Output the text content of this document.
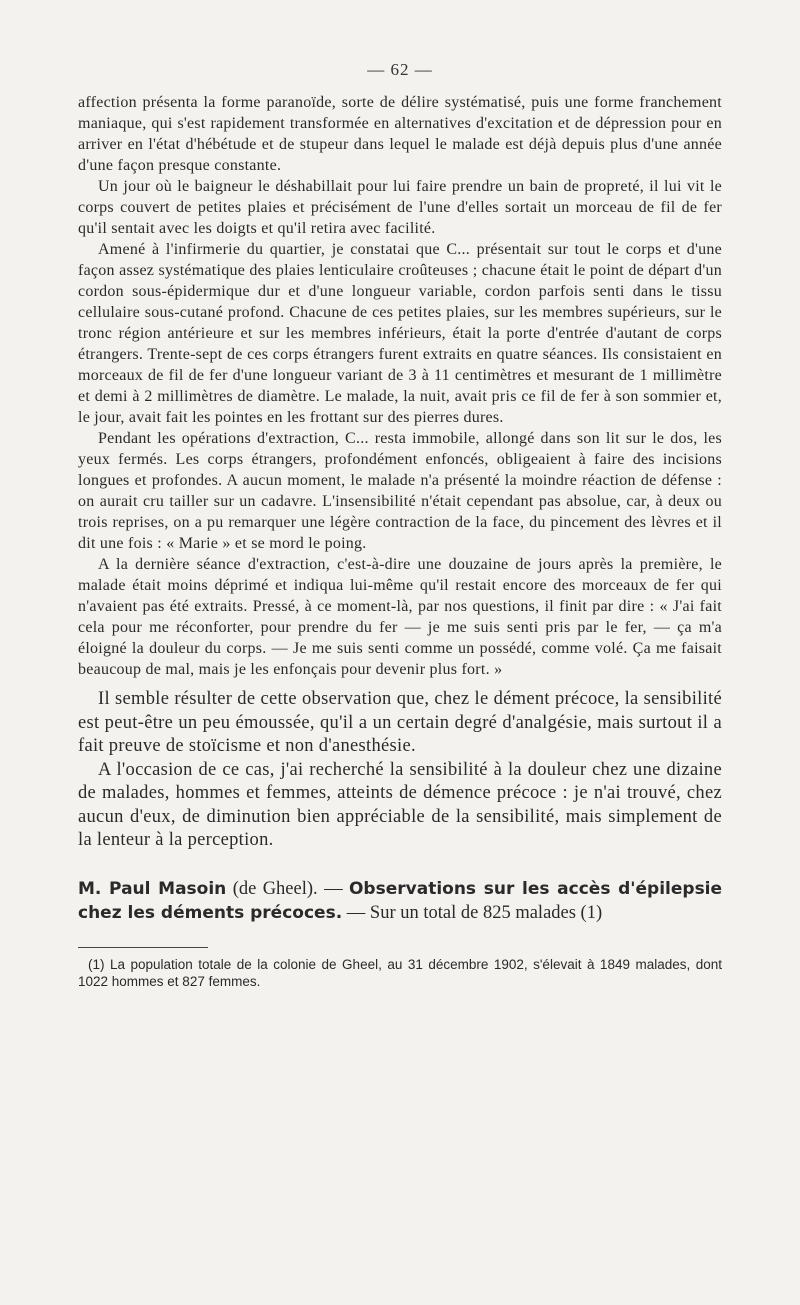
— 62 —

affection présenta la forme paranoïde, sorte de délire systématisé, puis une forme franchement maniaque, qui s'est rapidement transformée en alternatives d'excitation et de dépression pour en arriver en l'état d'hébétude et de stupeur dans lequel le malade est déjà depuis plus d'une année d'une façon presque constante.

Un jour où le baigneur le déshabillait pour lui faire prendre un bain de propreté, il lui vit le corps couvert de petites plaies et précisément de l'une d'elles sortait un morceau de fil de fer qu'il sentait avec les doigts et qu'il retira avec facilité.

Amené à l'infirmerie du quartier, je constatai que C... présentait sur tout le corps et d'une façon assez systématique des plaies lenticulaire croûteuses ; chacune était le point de départ d'un cordon sous-épidermique dur et d'une longueur variable, cordon parfois senti dans le tissu cellulaire sous-cutané profond. Chacune de ces petites plaies, sur les membres supérieurs, sur le tronc région antérieure et sur les membres inférieurs, était la porte d'entrée d'autant de corps étrangers. Trente-sept de ces corps étrangers furent extraits en quatre séances. Ils consistaient en morceaux de fil de fer d'une longueur variant de 3 à 11 centimètres et mesurant de 1 millimètre et demi à 2 millimètres de diamètre. Le malade, la nuit, avait pris ce fil de fer à son sommier et, le jour, avait fait les pointes en les frottant sur des pierres dures.

Pendant les opérations d'extraction, C... resta immobile, allongé dans son lit sur le dos, les yeux fermés. Les corps étrangers, profondément enfoncés, obligeaient à faire des incisions longues et profondes. A aucun moment, le malade n'a présenté la moindre réaction de défense : on aurait cru tailler sur un cadavre. L'insensibilité n'était cependant pas absolue, car, à deux ou trois reprises, on a pu remarquer une légère contraction de la face, du pincement des lèvres et il dit une fois : « Marie » et se mord le poing.

A la dernière séance d'extraction, c'est-à-dire une douzaine de jours après la première, le malade était moins déprimé et indiqua lui-même qu'il restait encore des morceaux de fer qui n'avaient pas été extraits. Pressé, à ce moment-là, par nos questions, il finit par dire : « J'ai fait cela pour me réconforter, pour prendre du fer — je me suis senti pris par le fer, — ça m'a éloigné la douleur du corps. — Je me suis senti comme un possédé, comme volé. Ça me faisait beaucoup de mal, mais je les enfonçais pour devenir plus fort. »

Il semble résulter de cette observation que, chez le dément précoce, la sensibilité est peut-être un peu émoussée, qu'il a un certain degré d'analgésie, mais surtout il a fait preuve de stoïcisme et non d'anesthésie.

A l'occasion de ce cas, j'ai recherché la sensibilité à la douleur chez une dizaine de malades, hommes et femmes, atteints de démence précoce : je n'ai trouvé, chez aucun d'eux, de diminution bien appréciable de la sensibilité, mais simplement de la lenteur à la perception.

M. Paul Masoin (de Gheel). — Observations sur les accès d'épilepsie chez les déments précoces. — Sur un total de 825 malades (1)

(1) La population totale de la colonie de Gheel, au 31 décembre 1902, s'élevait à 1849 malades, dont 1022 hommes et 827 femmes.
